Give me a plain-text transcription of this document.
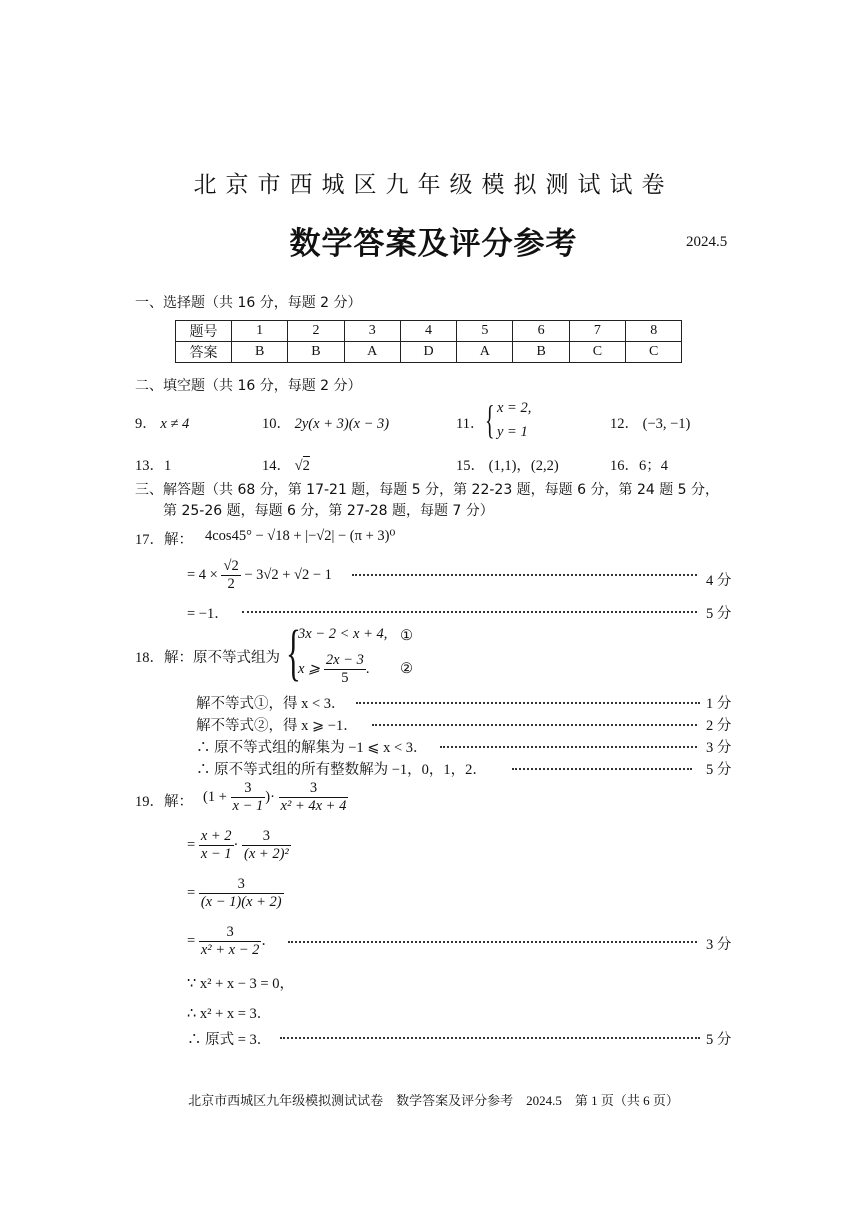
北京市西城区九年级模拟测试试卷
数学答案及评分参考	2024.5
一、选择题（共 16 分，每题 2 分）
题号	1	2	3	4	5	6	7	8
答案	B	B	A	D	A	B	C	C
二、填空题（共 16 分，每题 2 分）
9． x ≠ 4	10． 2y(x + 3)(x − 3)	11． { x = 2,
y = 1	12． (−3, −1)
13．1	14． √2	15． (1,1)，(2,2)	16．6；4
三、解答题（共 68 分，第 17-21 题，每题 5 分，第 22-23 题，每题 6 分，第 24 题 5 分，
第 25-26 题，每题 6 分，第 27-28 题，每题 7 分）
17．解： 4cos45° − √18 + |−√2| − (π + 3)⁰
= $4 \times \frac{√2}{2} - 3√2 + √2 - 1$	4 分
= −1．	5 分
18．解：原不等式组为 {
3x − 2 < x + 4, ①
x ⩾ $\frac{2x - 3}{5}$ . ②
解不等式①，得 x < 3．	1 分
解不等式②，得 x ⩾ −1．	2 分
∴ 原不等式组的解集为 −1 ⩽ x < 3．	3 分
∴ 原不等式组的所有整数解为 −1，0，1，2．	5 分
19．解： ($1 + \frac{3}{x - 1}$ )· $\frac{3}{\text{x² + 4x + 4}}$
= $\frac{x + 2}{x - 1} \cdot \frac{3}{\text{(x + 2)²}}$
= $\frac{3}{(x - 1)(x + 2)}$
= $\frac{3}{\text{x² + x − 2}}$ ．	3 分
∵ x² + x − 3 = 0，
∴ x² + x = 3．
∴ 原式 = 3．	5 分
北京市西城区九年级模拟测试试卷    数学答案及评分参考    2024.5    第 1 页（共 6 页）
